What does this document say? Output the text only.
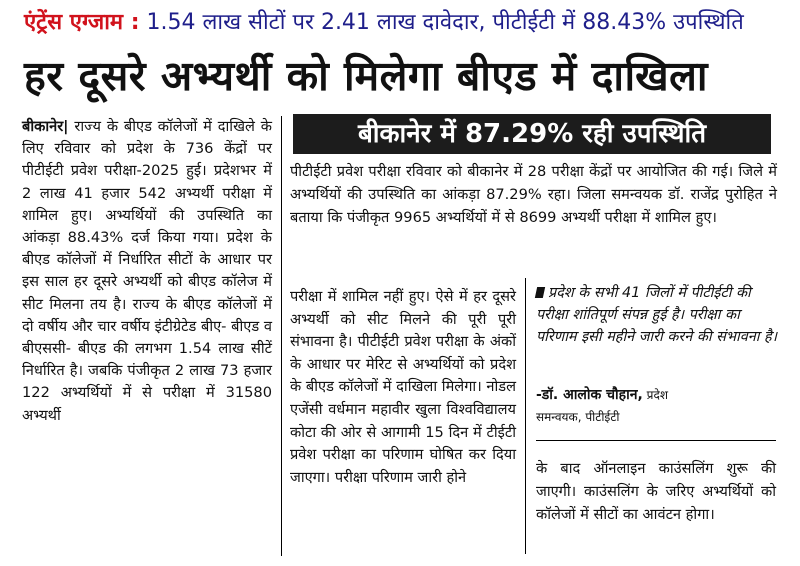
एंट्रेंस एग्जाम : 1.54 लाख सीटों पर 2.41 लाख दावेदार, पीटीईटी में 88.43% उपस्थिति
हर दूसरे अभ्यर्थी को मिलेगा बीएड में दाखिला

बीकानेर| राज्य के बीएड कॉलेजों में दाखिले के लिए रविवार को प्रदेश के 736 केंद्रों पर पीटीईटी प्रवेश परीक्षा-2025 हुई। प्रदेशभर में 2 लाख 41 हजार 542 अभ्यर्थी परीक्षा में शामिल हुए। अभ्यर्थियों की उपस्थिति का आंकड़ा 88.43% दर्ज किया गया। प्रदेश के बीएड कॉलेजों में निर्धारित सीटों के आधार पर इस साल हर दूसरे अभ्यर्थी को बीएड कॉलेज में सीट मिलना तय है। राज्य के बीएड कॉलेजों में दो वर्षीय और चार वर्षीय इंटीग्रेटेड बीए- बीएड व बीएससी- बीएड की लगभग 1.54 लाख सीटें निर्धारित है। जबकि पंजीकृत 2 लाख 73 हजार 122 अभ्यर्थियों में से परीक्षा में 31580 अभ्यर्थी

बीकानेर में 87.29% रही उपस्थिति

पीटीईटी प्रवेश परीक्षा रविवार को बीकानेर में 28 परीक्षा केंद्रों पर आयोजित की गई। जिले में अभ्यर्थियों की उपस्थिति का आंकड़ा 87.29% रहा। जिला समन्वयक डॉ. राजेंद्र पुरोहित ने बताया कि पंजीकृत 9965 अभ्यर्थियों में से 8699 अभ्यर्थी परीक्षा में शामिल हुए।

परीक्षा में शामिल नहीं हुए। ऐसे में हर दूसरे अभ्यर्थी को सीट मिलने की पूरी पूरी संभावना है। पीटीईटी प्रवेश परीक्षा के अंकों के आधार पर मेरिट से अभ्यर्थियों को प्रदेश के बीएड कॉलेजों में दाखिला मिलेगा। नोडल एजेंसी वर्धमान महावीर खुला विश्वविद्यालय कोटा की ओर से आगामी 15 दिन में टीईटी प्रवेश परीक्षा का परिणाम घोषित कर दिया जाएगा। परीक्षा परिणाम जारी होने

प्रदेश के सभी 41 जिलों में पीटीईटी की परीक्षा शांतिपूर्ण संपन्न हुई है। परीक्षा का परिणाम इसी महीने जारी करने की संभावना है।
-डॉ. आलोक चौहान, प्रदेश
समन्वयक, पीटीईटी

के बाद ऑनलाइन काउंसलिंग शुरू की जाएगी। काउंसलिंग के जरिए अभ्यर्थियों को कॉलेजों में सीटों का आवंटन होगा।
